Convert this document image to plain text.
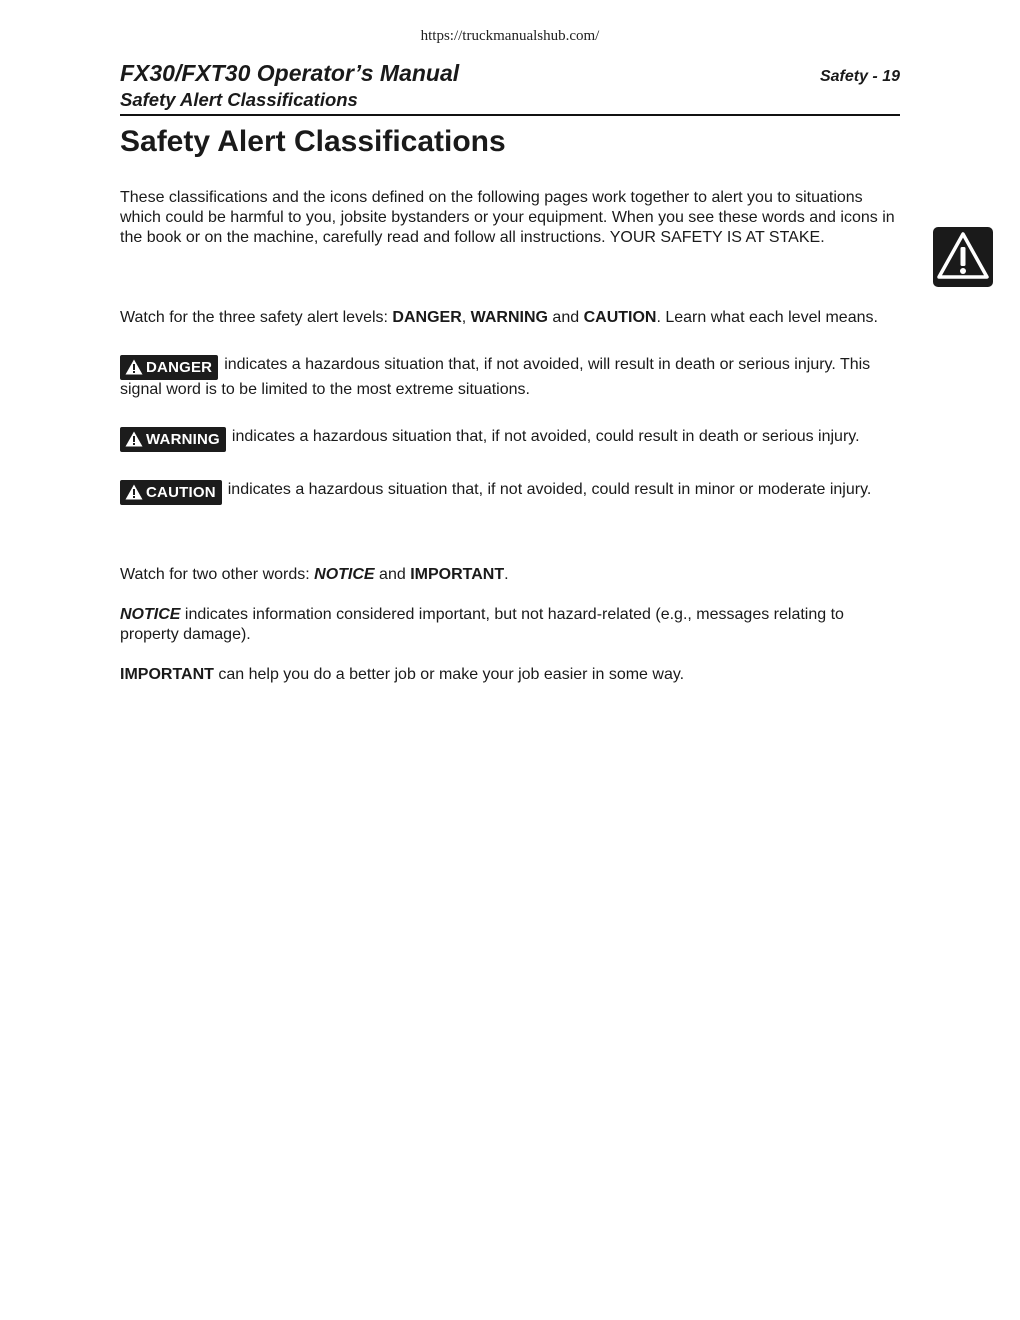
https://truckmanualshub.com/
FX30/FXT30 Operator’s Manual	Safety - 19
Safety Alert Classifications
Safety Alert Classifications

These classifications and the icons defined on the following pages work together to alert you to situations which could be harmful to you, jobsite bystanders or your equipment. When you see these words and icons in the book or on the machine, carefully read and follow all instructions. YOUR SAFETY IS AT STAKE.

Watch for the three safety alert levels: DANGER, WARNING and CAUTION. Learn what each level means.

DANGER indicates a hazardous situation that, if not avoided, will result in death or serious injury. This signal word is to be limited to the most extreme situations.

WARNING indicates a hazardous situation that, if not avoided, could result in death or serious injury.

CAUTION indicates a hazardous situation that, if not avoided, could result in minor or moderate injury.

Watch for two other words: NOTICE and IMPORTANT.

NOTICE indicates information considered important, but not hazard-related (e.g., messages relating to property damage).

IMPORTANT can help you do a better job or make your job easier in some way.
